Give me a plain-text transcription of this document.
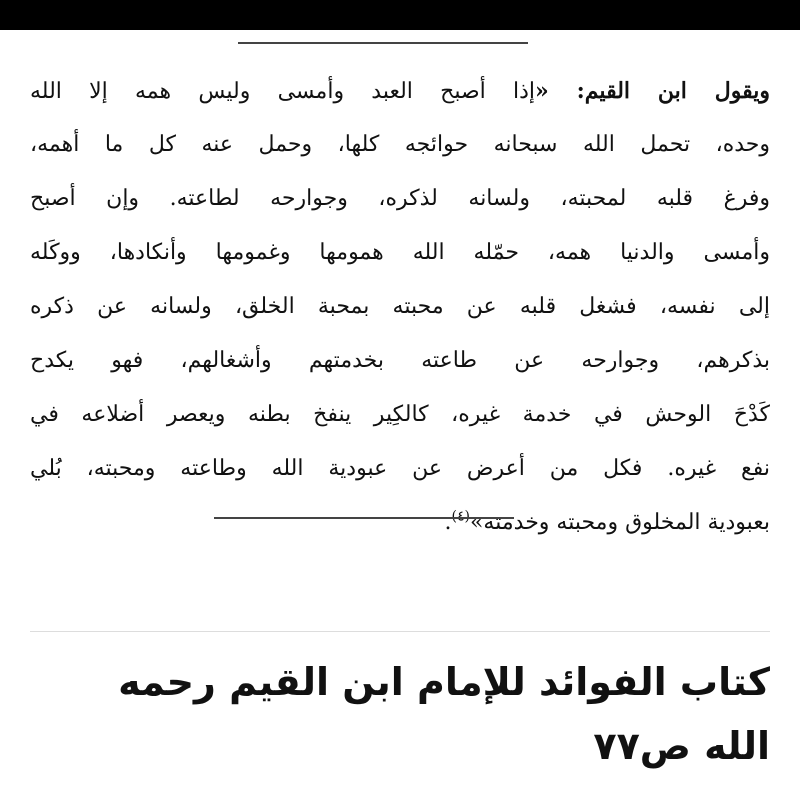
ويقول ابن القيم: «إذا أصبح العبد وأمسى وليس همه إلا الله
وحده، تحمل الله سبحانه حوائجه كلها، وحمل عنه كل ما أهمه،
وفرغ قلبه لمحبته، ولسانه لذكره، وجوارحه لطاعته. وإن أصبح
وأمسى والدنيا همه، حمّله الله همومها وغمومها وأنكادها، ووكَله
إلى نفسه، فشغل قلبه عن محبته بمحبة الخلق، ولسانه عن ذكره
بذكرهم، وجوارحه عن طاعته بخدمتهم وأشغالهم، فهو يكدح
كَدْحَ الوحش في خدمة غيره، كالكِير ينفخ بطنه ويعصر أضلاعه في
نفع غيره. فكل من أعرض عن عبودية الله وطاعته ومحبته، بُلي
بعبودية المخلوق ومحبته وخدمته»$^{(٤)}$.
كتاب الفوائد للإمام ابن القيم رحمه
الله ص٧٧
